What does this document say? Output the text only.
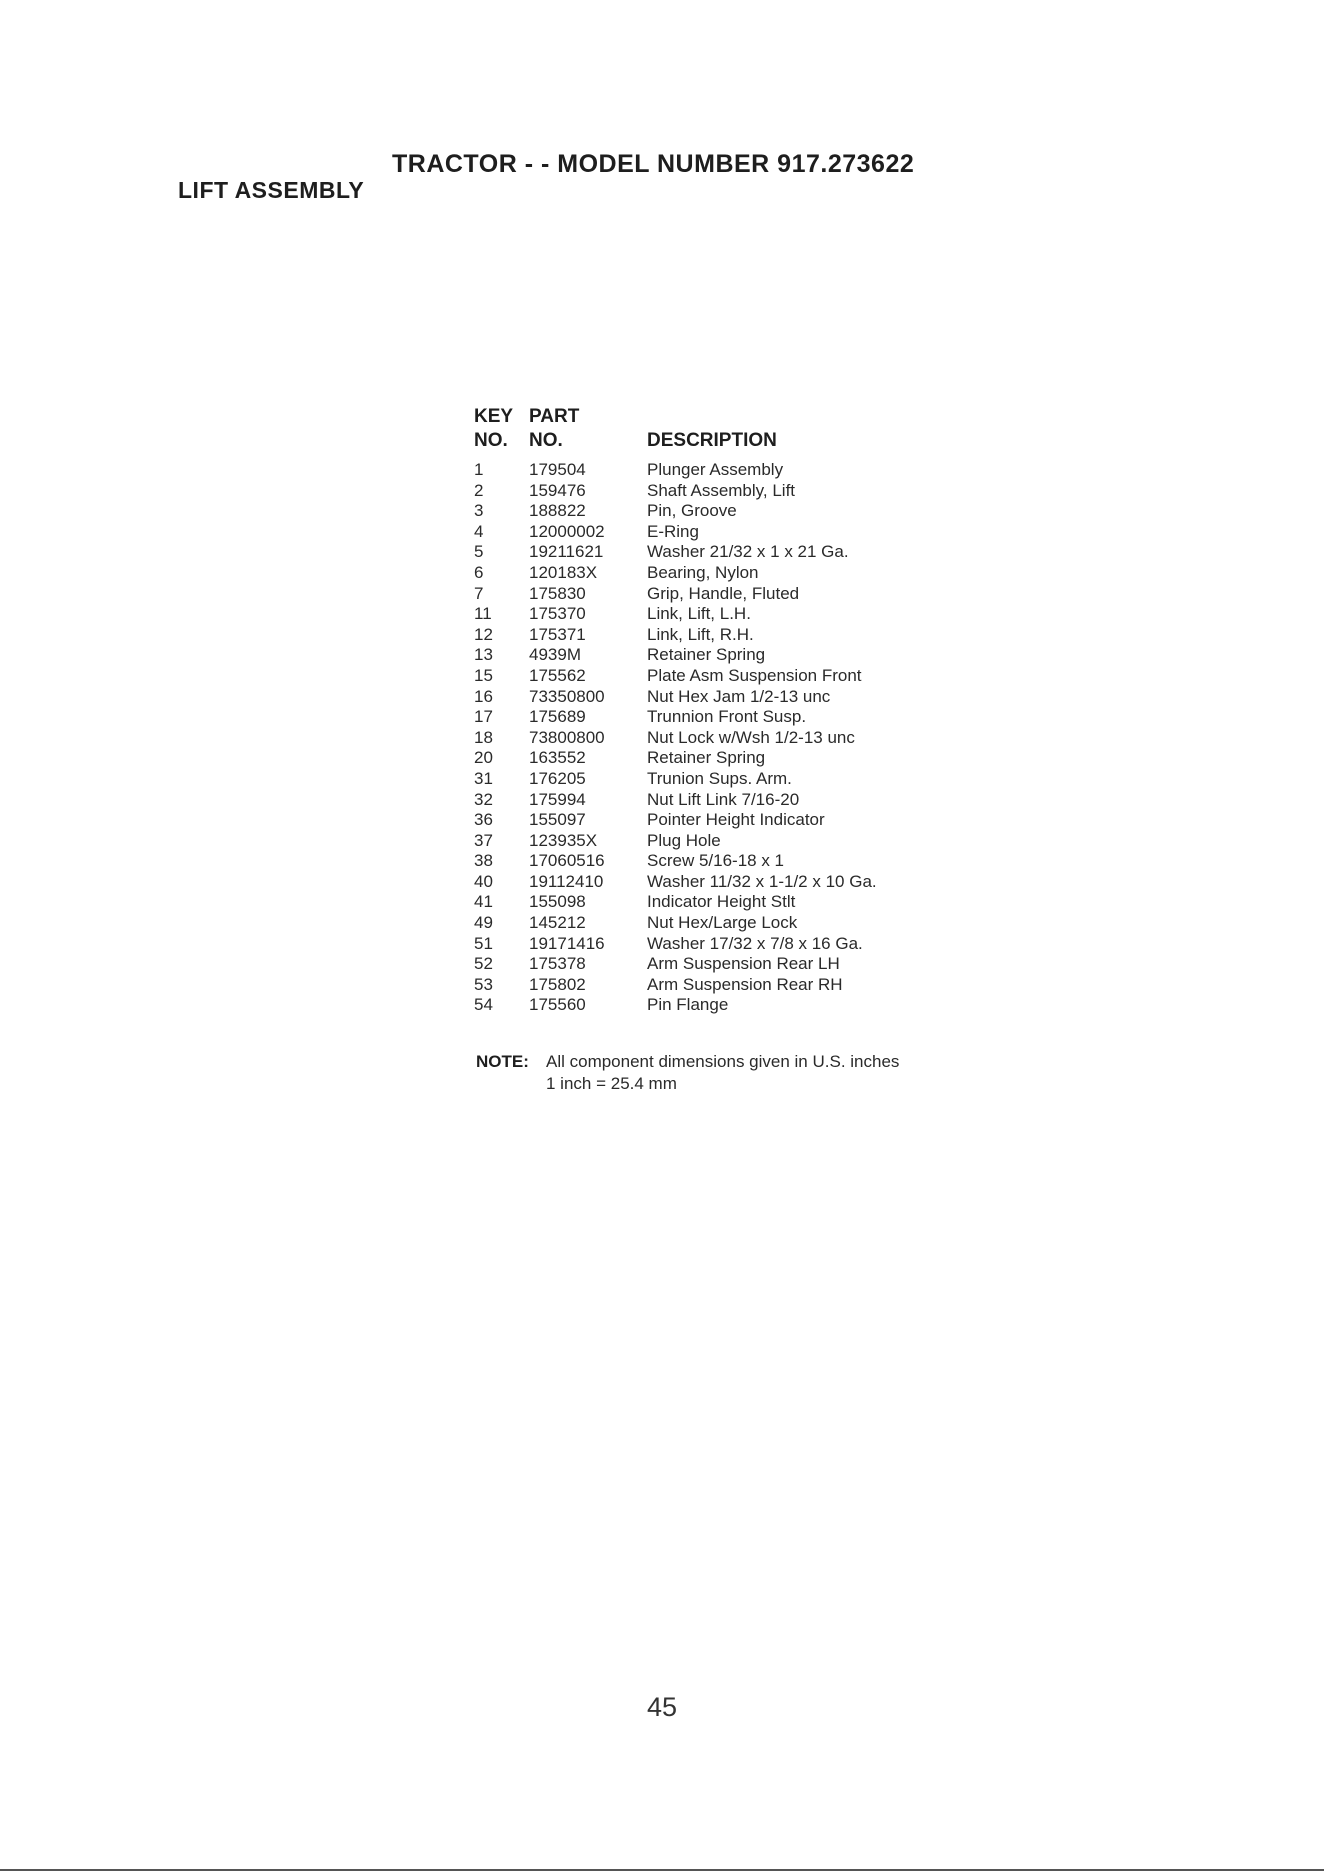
TRACTOR - - MODEL NUMBER 917.273622
LIFT ASSEMBLY
KEY PART
NO. NO.	DESCRIPTION
1	179504	Plunger Assembly
2	159476	Shaft Assembly, Lift
3	188822	Pin, Groove
4	12000002 E-Ring
5	19211621	Washer 21/32 x 1 x 21 Ga.
6	120183X	Bearing, Nylon
7	175830	Grip, Handle, Fluted
11 175370	Link, Lift, L.H.
12 175371	Link, Lift, R.H.
13 4939M	Retainer Spring
15 175562	Plate Asm Suspension Front
16 73350800 Nut Hex Jam 1/2-13 unc
17 175689	Trunnion Front Susp.
18 73800800 Nut Lock w/Wsh 1/2-13 unc
20 163552	Retainer Spring
31 176205	Trunion Sups. Arm.
32 175994	Nut Lift Link 7/16-20
36 155097	Pointer Height Indicator
37 123935X	Plug Hole
38 17060516 Screw 5/16-18 x 1
40 19112410	Washer 11/32 x 1-1/2 x 10 Ga.
41 155098	Indicator Height Stlt
49 145212	Nut Hex/Large Lock
51 19171416 Washer 17/32 x 7/8 x 16 Ga.
52 175378	Arm Suspension Rear LH
53 175802	Arm Suspension Rear RH
54 175560	Pin Flange
NOTE: All component dimensions given in U.S. inches
1 inch = 25.4 mm
45
